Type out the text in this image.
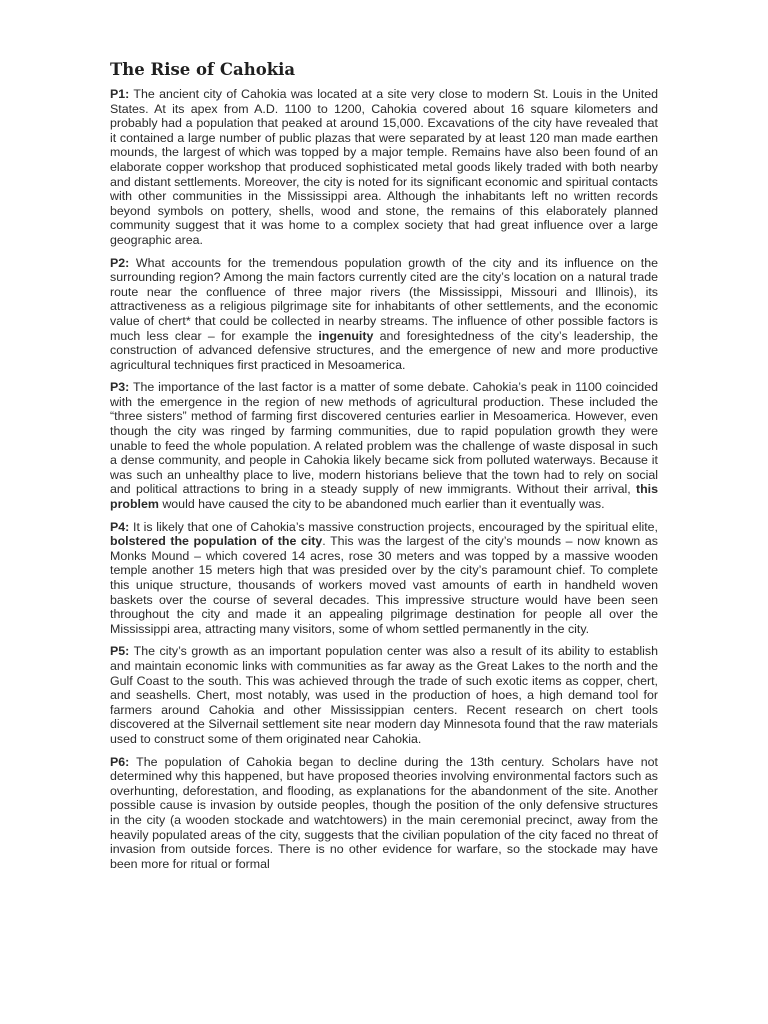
The Rise of Cahokia

P1: The ancient city of Cahokia was located at a site very close to modern St. Louis in the United States. At its apex from A.D. 1100 to 1200, Cahokia covered about 16 square kilometers and probably had a population that peaked at around 15,000. Excavations of the city have revealed that it contained a large number of public plazas that were separated by at least 120 man made earthen mounds, the largest of which was topped by a major temple. Remains have also been found of an elaborate copper workshop that produced sophisticated metal goods likely traded with both nearby and distant settlements. Moreover, the city is noted for its significant economic and spiritual contacts with other communities in the Mississippi area. Although the inhabitants left no written records beyond symbols on pottery, shells, wood and stone, the remains of this elaborately planned community suggest that it was home to a complex society that had great influence over a large geographic area.

P2: What accounts for the tremendous population growth of the city and its influence on the surrounding region? Among the main factors currently cited are the city’s location on a natural trade route near the confluence of three major rivers (the Mississippi, Missouri and Illinois), its attractiveness as a religious pilgrimage site for inhabitants of other settlements, and the economic value of chert* that could be collected in nearby streams. The influence of other possible factors is much less clear – for example the ingenuity and foresightedness of the city’s leadership, the construction of advanced defensive structures, and the emergence of new and more productive agricultural techniques first practiced in Mesoamerica.

P3: The importance of the last factor is a matter of some debate. Cahokia’s peak in 1100 coincided with the emergence in the region of new methods of agricultural production. These included the “three sisters” method of farming first discovered centuries earlier in Mesoamerica. However, even though the city was ringed by farming communities, due to rapid population growth they were unable to feed the whole population. A related problem was the challenge of waste disposal in such a dense community, and people in Cahokia likely became sick from polluted waterways. Because it was such an unhealthy place to live, modern historians believe that the town had to rely on social and political attractions to bring in a steady supply of new immigrants. Without their arrival, this problem would have caused the city to be abandoned much earlier than it eventually was.

P4: It is likely that one of Cahokia’s massive construction projects, encouraged by the spiritual elite, bolstered the population of the city. This was the largest of the city’s mounds – now known as Monks Mound – which covered 14 acres, rose 30 meters and was topped by a massive wooden temple another 15 meters high that was presided over by the city’s paramount chief. To complete this unique structure, thousands of workers moved vast amounts of earth in handheld woven baskets over the course of several decades. This impressive structure would have been seen throughout the city and made it an appealing pilgrimage destination for people all over the Mississippi area, attracting many visitors, some of whom settled permanently in the city.

P5: The city’s growth as an important population center was also a result of its ability to establish and maintain economic links with communities as far away as the Great Lakes to the north and the Gulf Coast to the south. This was achieved through the trade of such exotic items as copper, chert, and seashells. Chert, most notably, was used in the production of hoes, a high demand tool for farmers around Cahokia and other Mississippian centers. Recent research on chert tools discovered at the Silvernail settlement site near modern day Minnesota found that the raw materials used to construct some of them originated near Cahokia.

P6: The population of Cahokia began to decline during the 13th century. Scholars have not determined why this happened, but have proposed theories involving environmental factors such as overhunting, deforestation, and flooding, as explanations for the abandonment of the site. Another possible cause is invasion by outside peoples, though the position of the only defensive structures in the city (a wooden stockade and watchtowers) in the main ceremonial precinct, away from the heavily populated areas of the city, suggests that the civilian population of the city faced no threat of invasion from outside forces. There is no other evidence for warfare, so the stockade may have been more for ritual or formal
